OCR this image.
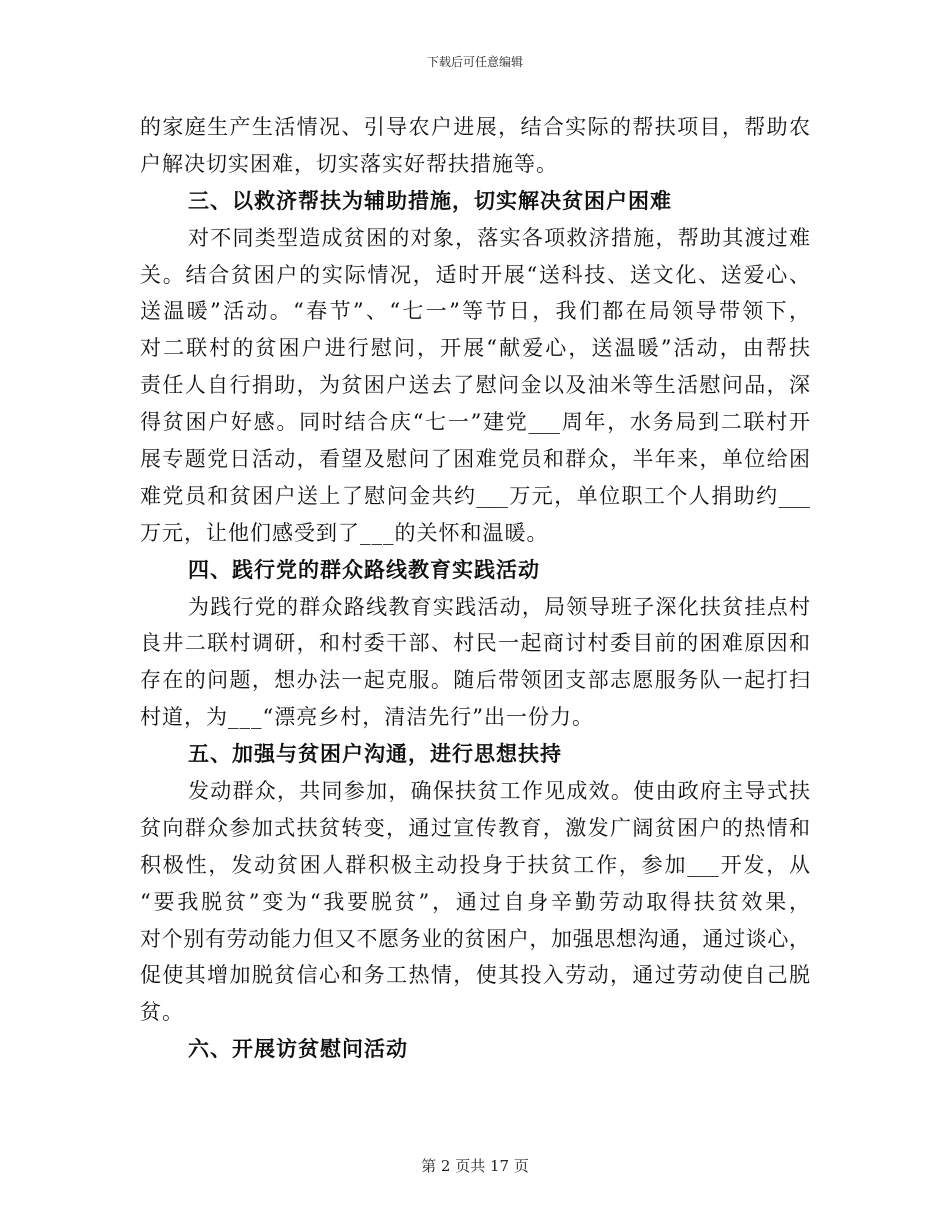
下载后可任意编辑
的家庭生产生活情况、引导农户进展，结合实际的帮扶项目，帮助农
户解决切实困难，切实落实好帮扶措施等。
三、以救济帮扶为辅助措施，切实解决贫困户困难
对不同类型造成贫困的对象，落实各项救济措施，帮助其渡过难
关。结合贫困户的实际情况，适时开展“送科技、送文化、送爱心、
送温暖”活动。“春节”、“七一”等节日，我们都在局领导带领下，
对二联村的贫困户进行慰问，开展“献爱心，送温暖”活动，由帮扶
责任人自行捐助，为贫困户送去了慰问金以及油米等生活慰问品，深
得贫困户好感。同时结合庆“七一”建党___周年，水务局到二联村开
展专题党日活动，看望及慰问了困难党员和群众，半年来，单位给困
难党员和贫困户送上了慰问金共约___万元，单位职工个人捐助约___
万元，让他们感受到了___的关怀和温暖。
四、践行党的群众路线教育实践活动
为践行党的群众路线教育实践活动，局领导班子深化扶贫挂点村
良井二联村调研，和村委干部、村民一起商讨村委目前的困难原因和
存在的问题，想办法一起克服。随后带领团支部志愿服务队一起打扫
村道，为___“漂亮乡村，清洁先行”出一份力。
五、加强与贫困户沟通，进行思想扶持
发动群众，共同参加，确保扶贫工作见成效。使由政府主导式扶
贫向群众参加式扶贫转变，通过宣传教育，激发广阔贫困户的热情和
积极性，发动贫困人群积极主动投身于扶贫工作，参加___开发，从
“要我脱贫”变为“我要脱贫”，通过自身辛勤劳动取得扶贫效果，
对个别有劳动能力但又不愿务业的贫困户，加强思想沟通，通过谈心，
促使其增加脱贫信心和务工热情，使其投入劳动，通过劳动使自己脱
贫。
六、开展访贫慰问活动
第 2 页共 17 页
